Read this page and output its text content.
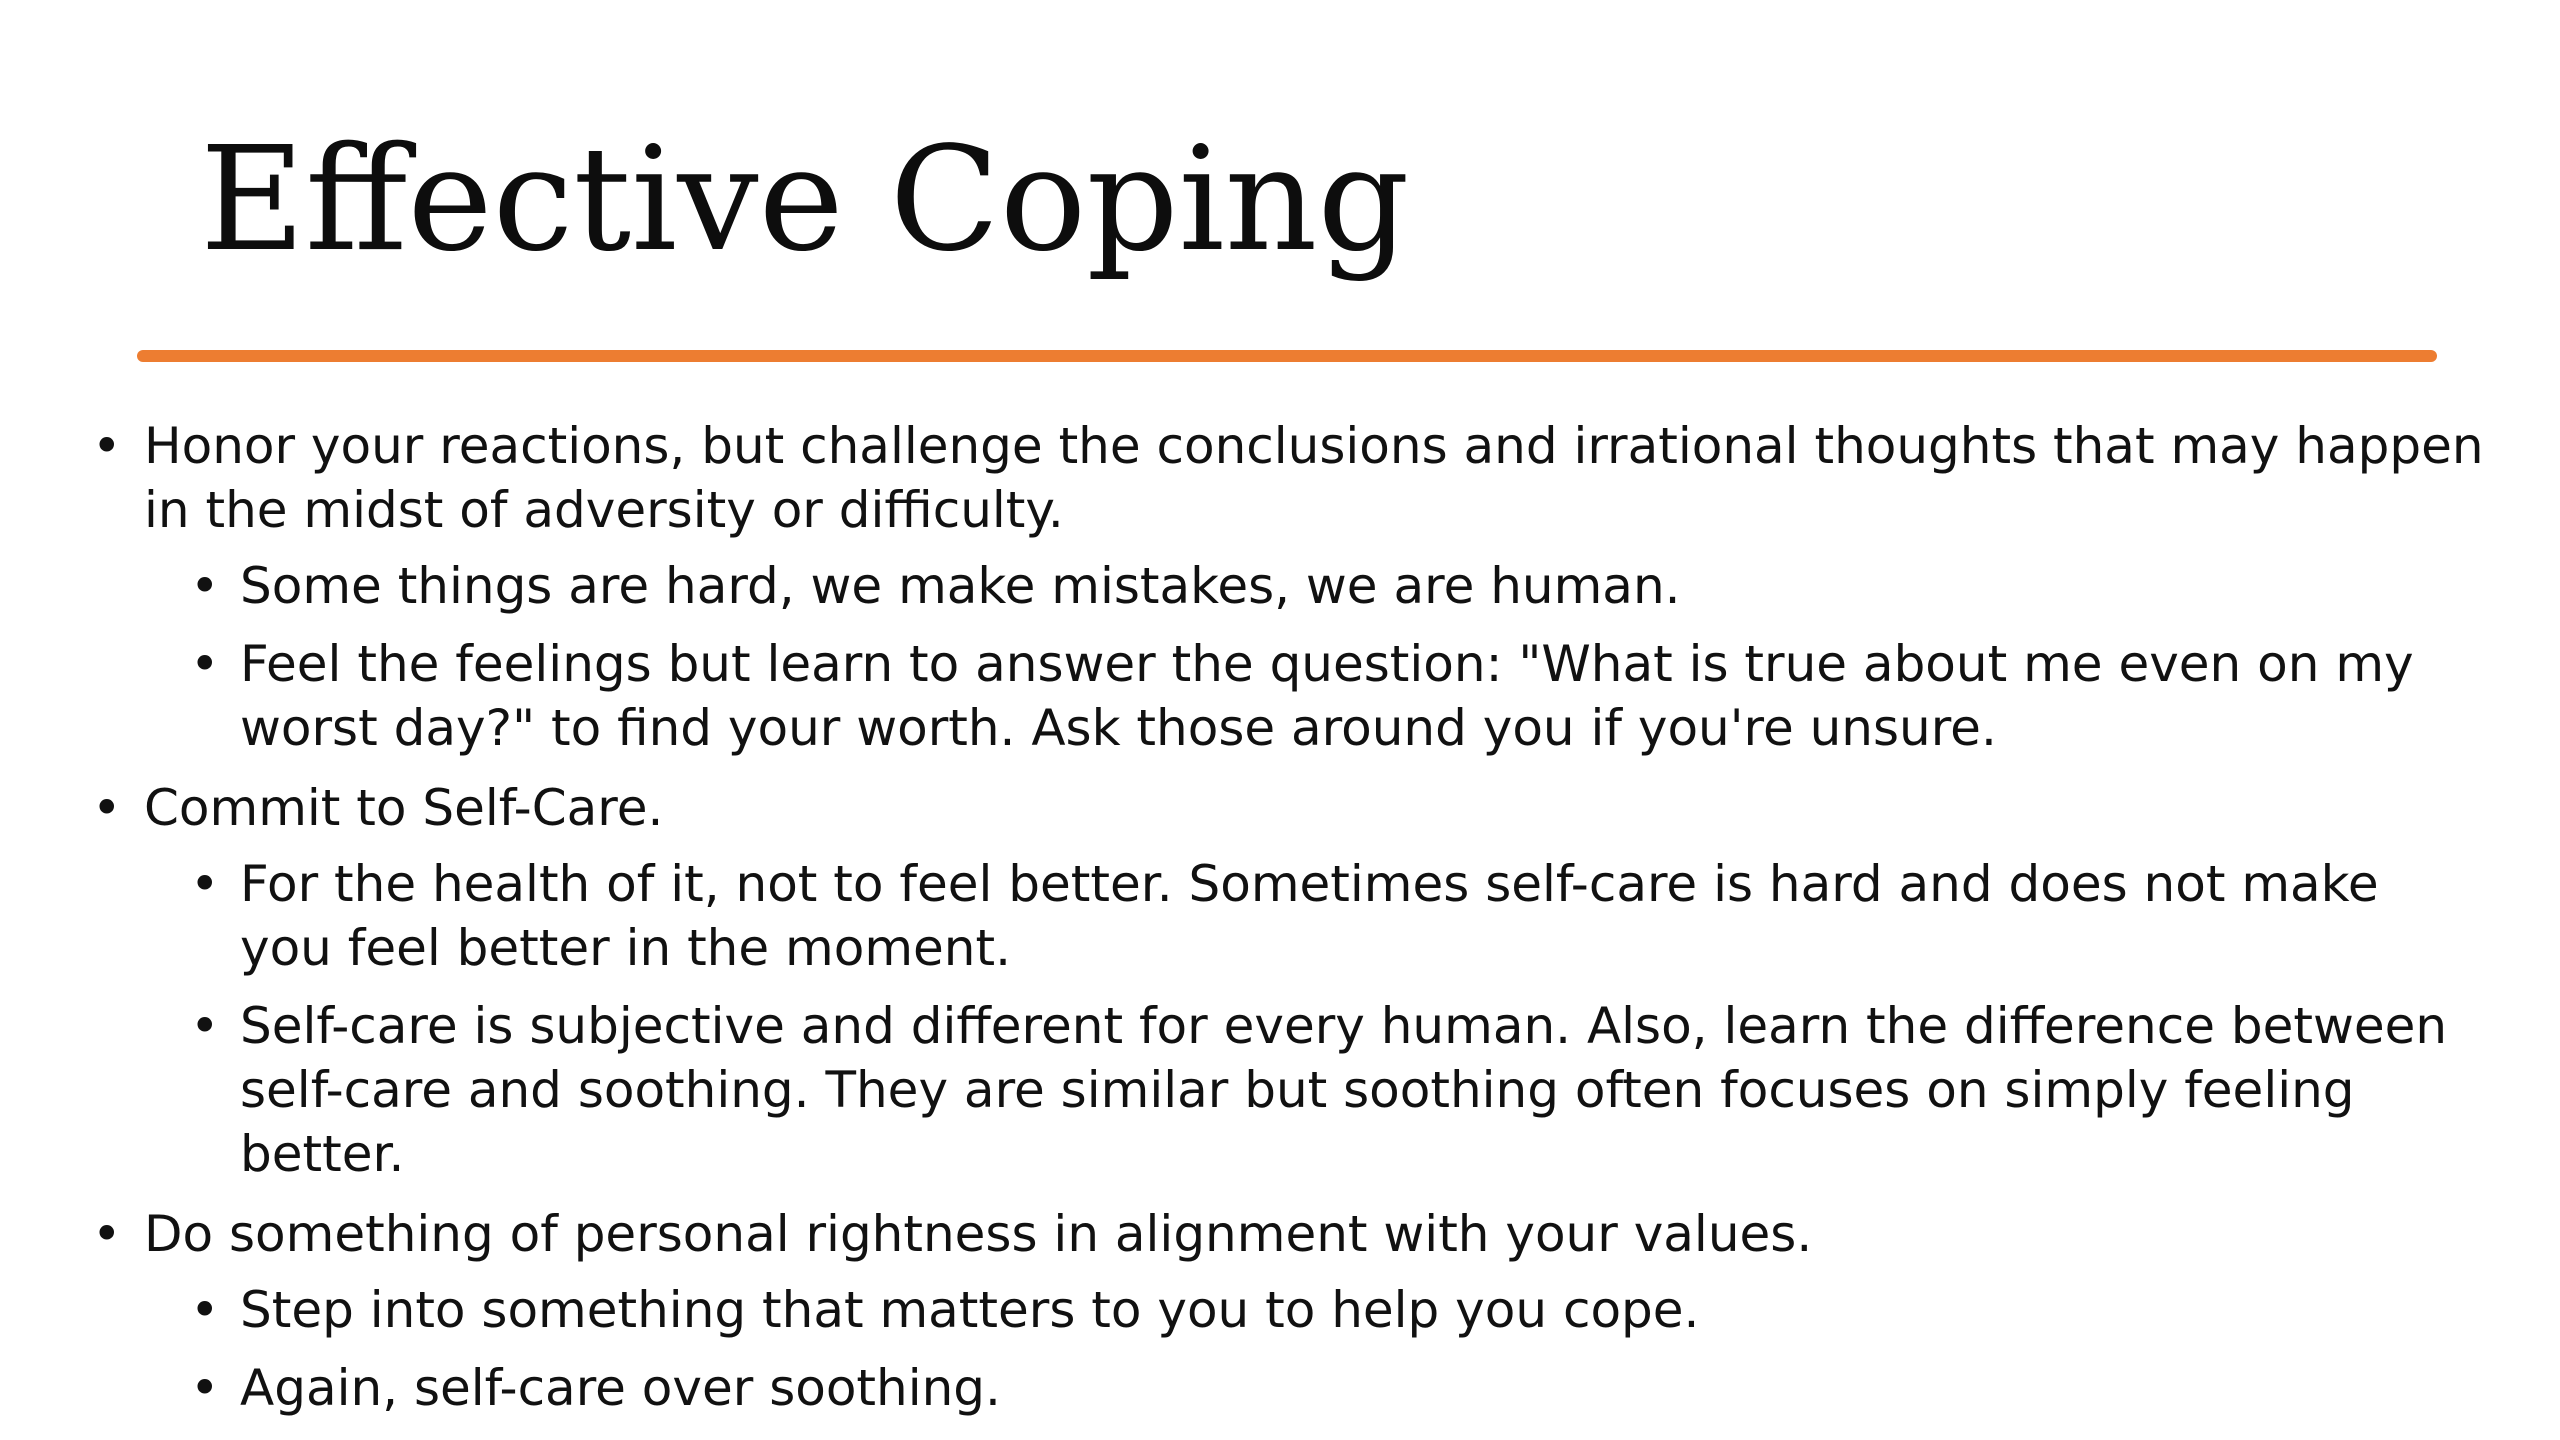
Effective Coping
• Honor your reactions, but challenge the conclusions and irrational thoughts that may happen in the midst of adversity or difficulty.
• Some things are hard, we make mistakes, we are human.
• Feel the feelings but learn to answer the question: "What is true about me even on my worst day?" to find your worth. Ask those around you if you're unsure.
• Commit to Self-Care.
• For the health of it, not to feel better. Sometimes self-care is hard and does not make you feel better in the moment.
• Self-care is subjective and different for every human. Also, learn the difference between self-care and soothing. They are similar but soothing often focuses on simply feeling better.
• Do something of personal rightness in alignment with your values.
• Step into something that matters to you to help you cope.
• Again, self-care over soothing.
